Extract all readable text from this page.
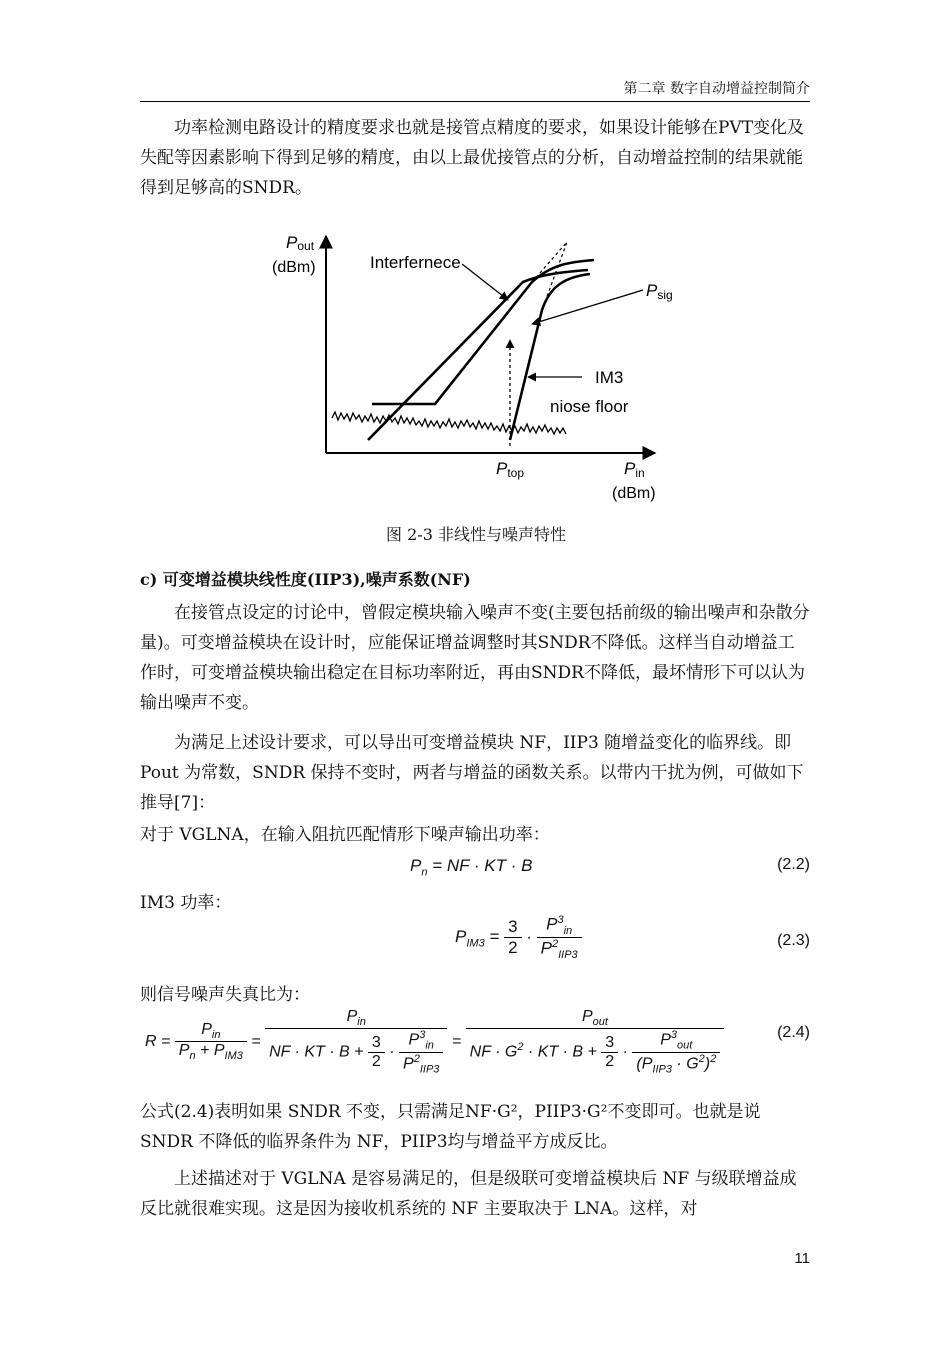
第二章 数字自动增益控制简介
功率检测电路设计的精度要求也就是接管点精度的要求，如果设计能够在PVT变化及失配等因素影响下得到足够的精度，由以上最优接管点的分析，自动增益控制的结果就能得到足够高的SNDR。
Pout
(dBm)	Interfernece
Psig
IM3
niose floor
Ptop	Pin
(dBm)
图 2-3 非线性与噪声特性
c) 可变增益模块线性度(IIP3),噪声系数(NF)
在接管点设定的讨论中，曾假定模块输入噪声不变(主要包括前级的输出噪声和杂散分量)。可变增益模块在设计时，应能保证增益调整时其SNDR不降低。这样当自动增益工作时，可变增益模块输出稳定在目标功率附近，再由SNDR不降低，最坏情形下可以认为输出噪声不变。
为满足上述设计要求，可以导出可变增益模块 NF，IIP3 随增益变化的临界线。即 Pout 为常数，SNDR 保持不变时，两者与增益的函数关系。以带内干扰为例，可做如下推导[7]：
对于 VGLNA，在输入阻抗匹配情形下噪声输出功率：
$P_n$ = NF · KT · B	(2.2)
IM3 功率：
$P_{IM3} = \frac{3}{2} \cdot \frac{P^3_{in}}{P^2_{IIP3}}$	(2.3)
则信号噪声失真比为：
$R = \frac{P_{in}}{P_n + P_{IM3}} = \frac{P_{in}}{NF \cdot KT \cdot B + \frac{3}{2} \cdot \frac{P^3_{in}}{P^2_{IIP3}}} = \frac{P_{out}}{NF \cdot G^2 \cdot KT \cdot B + \frac{3}{2} \cdot \frac{P^3_{out}}{(P_{IIP3} \cdot G^2)^2}}$	(2.4)
公式(2.4)表明如果 SNDR 不变，只需满足NF·G²，PIIP3·G²不变即可。也就是说 SNDR 不降低的临界条件为 NF，PIIP3均与增益平方成反比。
上述描述对于 VGLNA 是容易满足的，但是级联可变增益模块后 NF 与级联增益成反比就很难实现。这是因为接收机系统的 NF 主要取决于 LNA。这样，对
11
